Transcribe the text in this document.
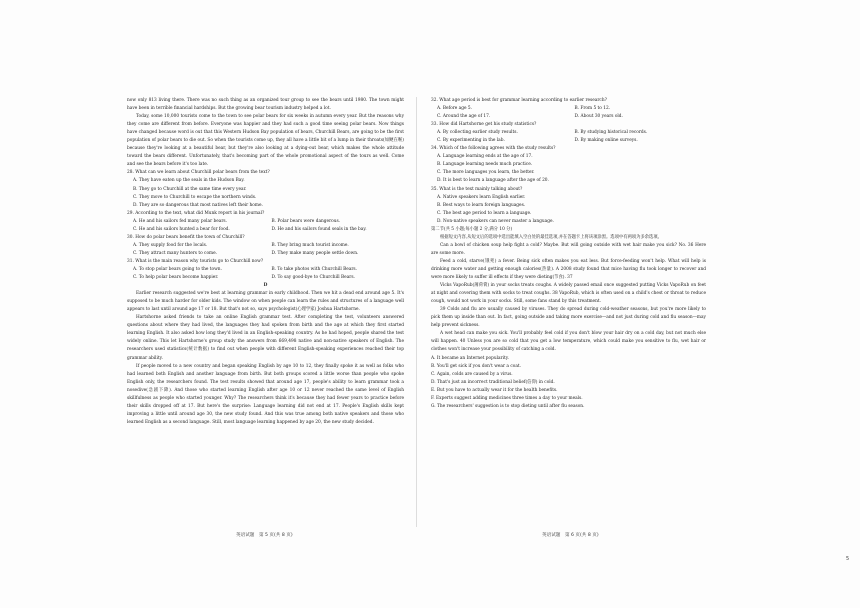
now only 813 living there. There was no such thing as an organized tour group to see the bears until 1980. The town might have been in terrible financial hardships. But the growing bear tourism industry helped a lot.

Today, some 10,000 tourists come to the town to see polar bears for six weeks in autumn every year. But the reasons why they come are different from before. Everyone was happier and they had such a good time seeing polar bears. Now things have changed because word is out that this Western Hudson Bay population of bears, Churchill Bears, are going to be the first population of polar bears to die out. So when the tourists come up, they all have a little bit of a lump in their throats(如鲠在喉) because they're looking at a beautiful bear, but they're also looking at a dying-out bear, which makes the whole attitude toward the bears different. Unfortunately, that's becoming part of the whole promotional aspect of the tours as well. Come and see the bears before it's too late.

28. What can we learn about Churchill polar bears from the text?

A. They have eaten up the seals in the Hudson Bay.

B. They go to Churchill at the same time every year.

C. They move to Churchill to escape the northern winds.

D. They are so dangerous that most natives left their home.

29. According to the text, what did Munk report in his journal?

A. He and his sailors fed many polar bears.	B. Polar bears were dangerous.
C. He and his sailors hunted a bear for food.	D. He and his sailors found seals in the bay.

30. How do polar bears benefit the town of Churchill?

A. They supply food for the locals.	B. They bring much tourist income.
C. They attract many hunters to come.	D. They make many people settle down.

31. What is the main reason why tourists go to Churchill now?

A. To stop polar bears going to the town.	B. To take photos with Churchill Bears.
C. To help polar bears become happier.	D. To say good-bye to Churchill Bears.

D

Earlier research suggested we're best at learning grammar in early childhood. Then we hit a dead end around age 5. It's supposed to be much harder for older kids. The window on when people can learn the rules and structures of a language well appears to last until around age 17 or 18. But that's not so, says psychologist(心理学家) Joshua Hartshorne.

Hartshorne asked friends to take an online English grammar test. After completing the test, volunteers answered questions about where they had lived, the languages they had spoken from birth and the age at which they first started learning English. It also asked how long they'd lived in an English-speaking country. As he had hoped, people shared the test widely online. This let Hartshorne's group study the answers from 669,498 native and non-native speakers of English. The researchers used statistics(统计数据) to find out when people with different English-speaking experiences reached their top grammar ability.

If people moved to a new country and began speaking English by age 10 to 12, they finally spoke it as well as folks who had learned both English and another language from birth. But both groups scored a little worse than people who spoke English only, the researchers found. The test results showed that around age 17, people's ability to learn grammar took a nosedive(急剧下降). And those who started learning English after age 10 or 12 never reached the same level of English skillfulness as people who started younger. Why? The researchers think it's because they had fewer years to practice before their skills dropped off at 17. But here's the surprise: Language learning did not end at 17. People's English skills kept improving a little until around age 30, the new study found. And this was true among both native speakers and those who learned English as a second language. Still, most language learning happened by age 20, the new study decided.

32. What age period is best for grammar learning according to earlier research?

A. Before age 5.	B. From 5 to 12.
C. Around the age of 17.	D. About 30 years old.

33. How did Hartshorne get his study statistics?

A. By collecting earlier study results.	B. By studying historical records.
C. By experimenting in the lab.	D. By making online surveys.

34. Which of the following agrees with the study results?

A. Language learning ends at the age of 17.

B. Language learning needs much practice.

C. The more languages you learn, the better.

D. It is best to learn a language after the age of 20.

35. What is the text mainly talking about?

A. Native speakers learn English earlier.

B. Best ways to learn foreign languages.

C. The best age period to learn a language.

D. Non-native speakers can never master a language.

第二节(共 5 小题;每小题 2 分,满分 10 分)

根据短文内容,从短文后的选项中选出能填入空白处的最佳选项,并在答题卡上将该项涂黑。选项中有两项为多余选项。

Can a bowl of chicken soup help fight a cold? Maybe. But will going outside with wet hair make you sick? No. 36 Here are some more.

Feed a cold, starve(饿死) a fever. Being sick often makes you eat less. But force-feeding won't help. What will help is drinking more water and getting enough calories(热量). A 2008 study found that mice having flu took longer to recover and were more likely to suffer ill effects if they were dieting(节食). 37

Vicks VapoRub(薄荷膏) in your socks treats coughs. A widely passed email once suggested putting Vicks VapoRub on feet at night and covering them with socks to treat coughs. 38 VapoRub, which is often used on a child's chest or throat to reduce cough, would not work in your socks. Still, some fans stand by this treatment.

39 Colds and flu are usually caused by viruses. They do spread during cold-weather seasons, but you're more likely to pick them up inside than out. In fact, going outside and taking more exercise—and not just during cold and flu season—may help prevent sickness.

A wet head can make you sick. You'll probably feel cold if you don't blow your hair dry on a cold day, but not much else will happen. 40 Unless you are so cold that you get a low temperature, which could make you sensitive to flu, wet hair or clothes won't increase your possibility of catching a cold.

A. It became an Internet popularity.

B. You'll get sick if you don't wear a coat.

C. Again, colds are caused by a virus.

D. That's just an incorrect traditional belief(信仰) in cold.

E. But you have to actually wear it for the health benefits.

F. Experts suggest adding medicines three times a day to your meals.

G. The researchers' suggestion is to stop dieting until after flu season.

英语试题　第 5 页(共 8 页)	英语试题　第 6 页(共 8 页)
5
